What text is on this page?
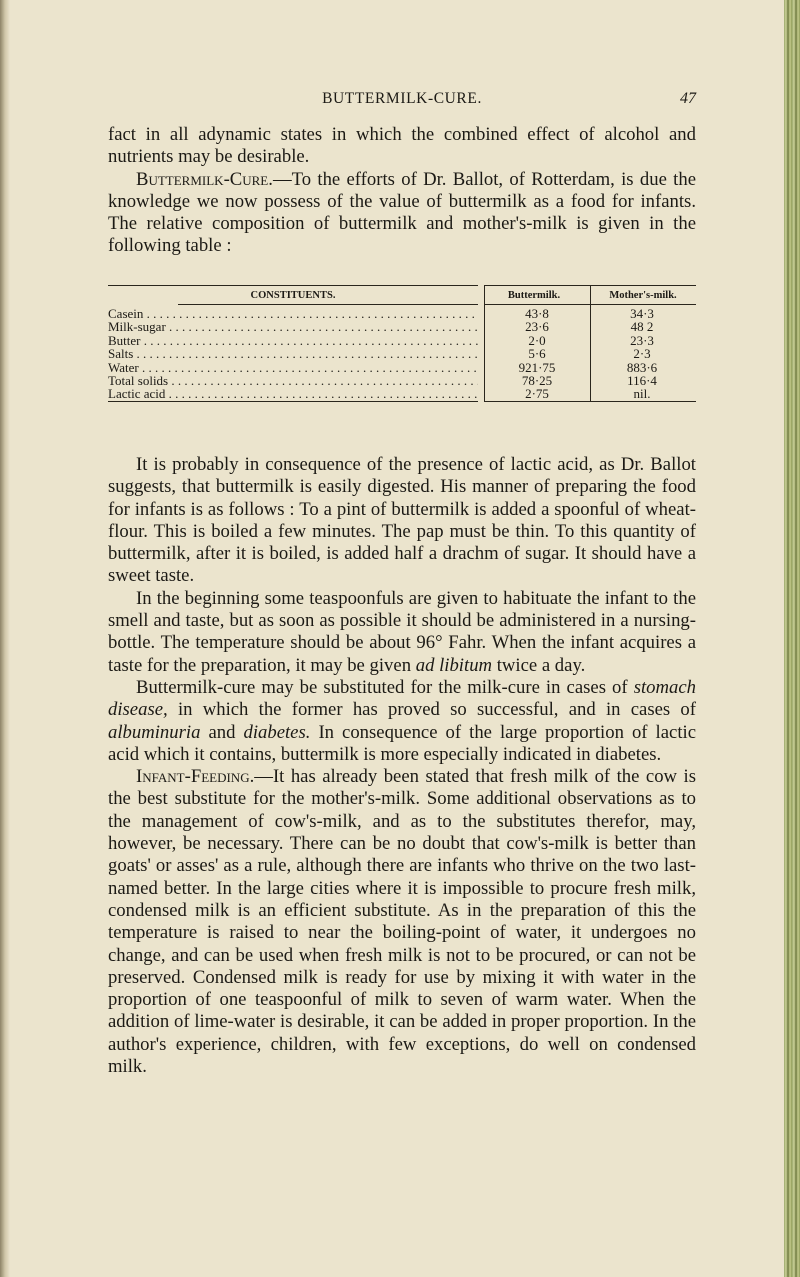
BUTTERMILK-CURE.	47

fact in all adynamic states in which the combined effect of alcohol and nutrients may be desirable.

Buttermilk-Cure.—To the efforts of Dr. Ballot, of Rotterdam, is due the knowledge we now possess of the value of buttermilk as a food for infants. The relative composition of buttermilk and mother's-milk is given in the following table :

CONSTITUENTS.	Buttermilk.	Mother's-milk.
Casein . . .	43·8	34·3
Milk-sugar . . .	23·6	48 2
Butter . . .	2·0	23·3
Salts . . .	5·6	2·3
Water . . .	921·75	883·6
Total solids . . .	78·25	116·4
Lactic acid . . .	2·75	nil.

It is probably in consequence of the presence of lactic acid, as Dr. Ballot suggests, that buttermilk is easily digested. His manner of preparing the food for infants is as follows : To a pint of buttermilk is added a spoonful of wheat-flour. This is boiled a few minutes. The pap must be thin. To this quantity of buttermilk, after it is boiled, is added half a drachm of sugar. It should have a sweet taste.

In the beginning some teaspoonfuls are given to habituate the infant to the smell and taste, but as soon as possible it should be administered in a nursing-bottle. The temperature should be about 96° Fahr. When the infant acquires a taste for the preparation, it may be given ad libitum twice a day.

Buttermilk-cure may be substituted for the milk-cure in cases of stomach disease, in which the former has proved so successful, and in cases of albuminuria and diabetes. In consequence of the large proportion of lactic acid which it contains, buttermilk is more especially indicated in diabetes.

Infant-Feeding.—It has already been stated that fresh milk of the cow is the best substitute for the mother's-milk. Some additional observations as to the management of cow's-milk, and as to the substitutes therefor, may, however, be necessary. There can be no doubt that cow's-milk is better than goats' or asses' as a rule, although there are infants who thrive on the two last-named better. In the large cities where it is impossible to procure fresh milk, condensed milk is an efficient substitute. As in the preparation of this the temperature is raised to near the boiling-point of water, it undergoes no change, and can be used when fresh milk is not to be procured, or can not be preserved. Condensed milk is ready for use by mixing it with water in the proportion of one teaspoonful of milk to seven of warm water. When the addition of lime-water is desirable, it can be added in proper proportion. In the author's experience, children, with few exceptions, do well on condensed milk.
